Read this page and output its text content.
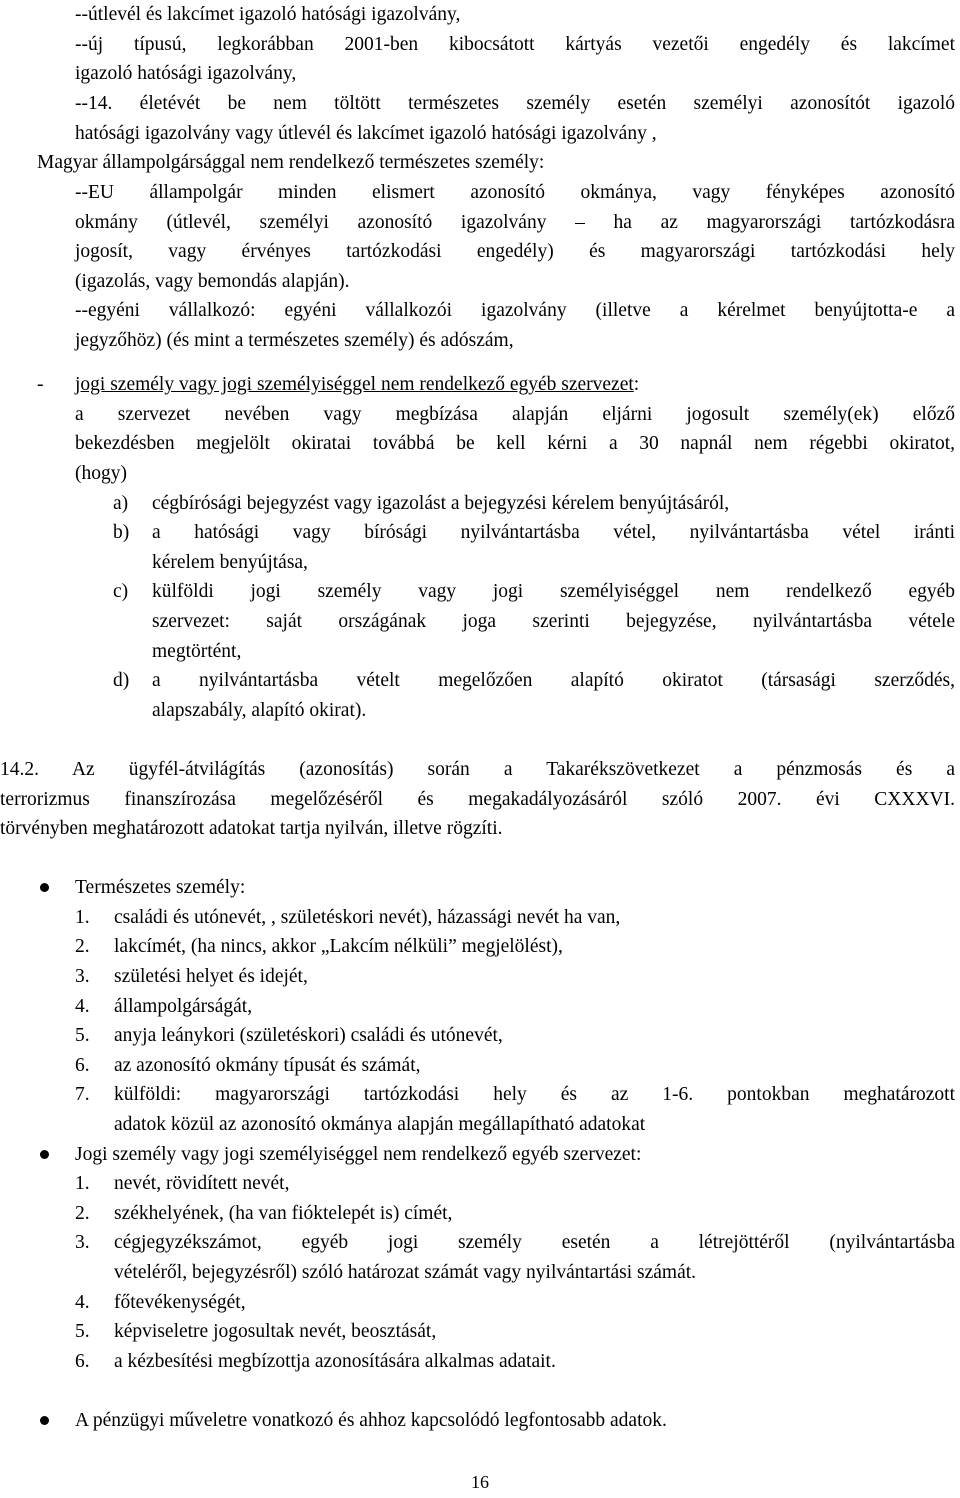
--útlevél és lakcímet igazoló hatósági igazolvány,
--új típusú, legkorábban 2001-ben kibocsátott kártyás vezetői engedély és lakcímet
igazoló hatósági igazolvány,
--14. életévét be nem töltött természetes személy esetén személyi azonosítót igazoló
hatósági igazolvány vagy útlevél és lakcímet igazoló hatósági igazolvány ,
Magyar állampolgársággal nem rendelkező természetes személy:
--EU állampolgár minden elismert azonosító okmánya, vagy fényképes azonosító
okmány (útlevél, személyi azonosító igazolvány – ha az magyarországi tartózkodásra
jogosít, vagy érvényes tartózkodási engedély) és magyarországi tartózkodási hely
(igazolás, vagy bemondás alapján).
--egyéni vállalkozó: egyéni vállalkozói igazolvány (illetve a kérelmet benyújtotta-e a
jegyzőhöz) (és mint a természetes személy) és adószám,
-	jogi személy vagy jogi személyiséggel nem rendelkező egyéb szervezet:
a szervezet nevében vagy megbízása alapján eljárni jogosult személy(ek) előző
bekezdésben megjelölt okiratai továbbá be kell kérni a 30 napnál nem régebbi okiratot,
(hogy)
a)	cégbírósági bejegyzést vagy igazolást a bejegyzési kérelem benyújtásáról,
b)	a hatósági vagy bírósági nyilvántartásba vétel, nyilvántartásba vétel iránti
kérelem benyújtása,
c)	külföldi jogi személy vagy jogi személyiséggel nem rendelkező egyéb
szervezet: saját országának joga szerinti bejegyzése, nyilvántartásba vétele
megtörtént,
d)	a nyilvántartásba vételt megelőzően alapító okiratot (társasági szerződés,
alapszabály, alapító okirat).
14.2. Az ügyfél-átvilágítás (azonosítás) során a Takarékszövetkezet a pénzmosás és a
terrorizmus finanszírozása megelőzéséről és megakadályozásáról szóló 2007. évi CXXXVI.
törvényben meghatározott adatokat tartja nyilván, illetve rögzíti.
Természetes személy:
1.	családi és utónevét, , születéskori nevét), házassági nevét ha van,
2.	lakcímét, (ha nincs, akkor „Lakcím nélküli” megjelölést),
3.	születési helyet és idejét,
4.	állampolgárságát,
5.	anyja leánykori (születéskori) családi és utónevét,
6.	az azonosító okmány típusát és számát,
7.	külföldi: magyarországi tartózkodási hely és az 1-6. pontokban meghatározott
adatok közül az azonosító okmánya alapján megállapítható adatokat
Jogi személy vagy jogi személyiséggel nem rendelkező egyéb szervezet:
1.	nevét, rövidített nevét,
2.	székhelyének, (ha van fióktelepét is) címét,
3.	cégjegyzékszámot, egyéb jogi személy esetén a létrejöttéről (nyilvántartásba
vételéről, bejegyzésről) szóló határozat számát vagy nyilvántartási számát.
4.	főtevékenységét,
5.	képviseletre jogosultak nevét, beosztását,
6.	a kézbesítési megbízottja azonosítására alkalmas adatait.
A pénzügyi műveletre vonatkozó és ahhoz kapcsolódó legfontosabb adatok.
16
